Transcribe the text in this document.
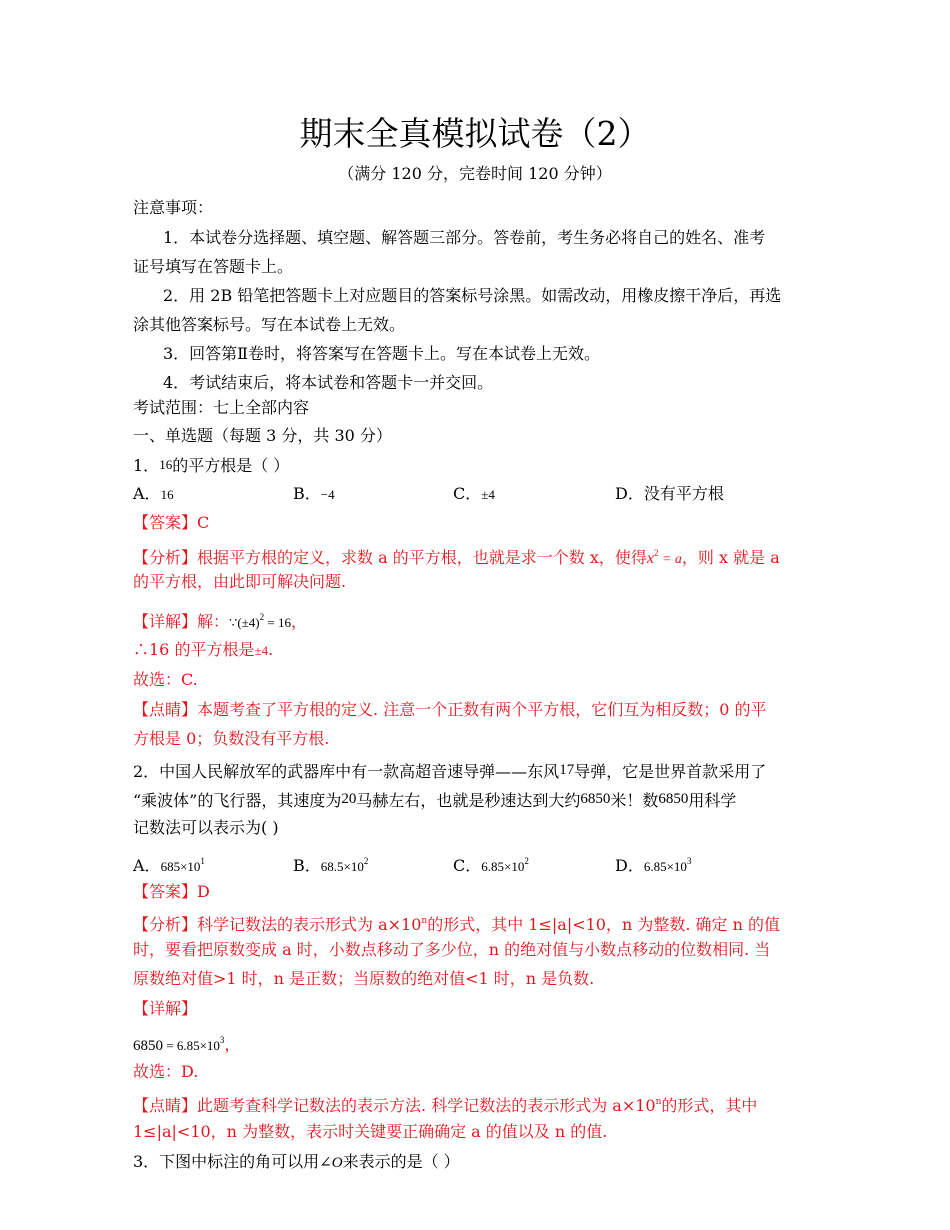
期末全真模拟试卷（2）
（满分 120 分，完卷时间 120 分钟）
注意事项：
1．本试卷分选择题、填空题、解答题三部分。答卷前，考生务必将自己的姓名、准考
证号填写在答题卡上。
2．用 2B 铅笔把答题卡上对应题目的答案标号涂黑。如需改动，用橡皮擦干净后，再选
涂其他答案标号。写在本试卷上无效。
3．回答第Ⅱ卷时，将答案写在答题卡上。写在本试卷上无效。
4．考试结束后，将本试卷和答题卡一并交回。
考试范围：七上全部内容
一、单选题（每题 3 分，共 30 分）
1．16的平方根是（ ）
A．16	B．−4	C．±4	D．没有平方根
【答案】C
【分析】根据平方根的定义，求数 a 的平方根，也就是求一个数 x，使得$x^2 = a$，则 x 就是 a
的平方根，由此即可解决问题.
【详解】解：$\because(\pm 4)^2 = 16$，
∴16 的平方根是±4.
故选：C.
【点睛】本题考查了平方根的定义. 注意一个正数有两个平方根，它们互为相反数；0 的平
方根是 0；负数没有平方根.
2．中国人民解放军的武器库中有一款高超音速导弹——东风17导弹，它是世界首款采用了
“乘波体”的飞行器，其速度为20马赫左右，也就是秒速达到大约6850米！数6850用科学
记数法可以表示为( )
A．$685\times 10^1$	B．$68.5\times 10^2$	C．$6.85\times 10^2$	D．$6.85\times 10^3$
【答案】D
【分析】科学记数法的表示形式为 $a\times 10^n$的形式，其中 1≤|a|<10，n 为整数. 确定 n 的值
时，要看把原数变成 a 时，小数点移动了多少位，n 的绝对值与小数点移动的位数相同. 当
原数绝对值>1 时，n 是正数；当原数的绝对值<1 时，n 是负数.
【详解】
$6850 = 6.85\times 10^3$，
故选：D.
【点睛】此题考查科学记数法的表示方法. 科学记数法的表示形式为 $a\times 10^n$的形式，其中
1≤|a|<10，n 为整数，表示时关键要正确确定 a 的值以及 n 的值.
3．下图中标注的角可以用∠O来表示的是（ ）
